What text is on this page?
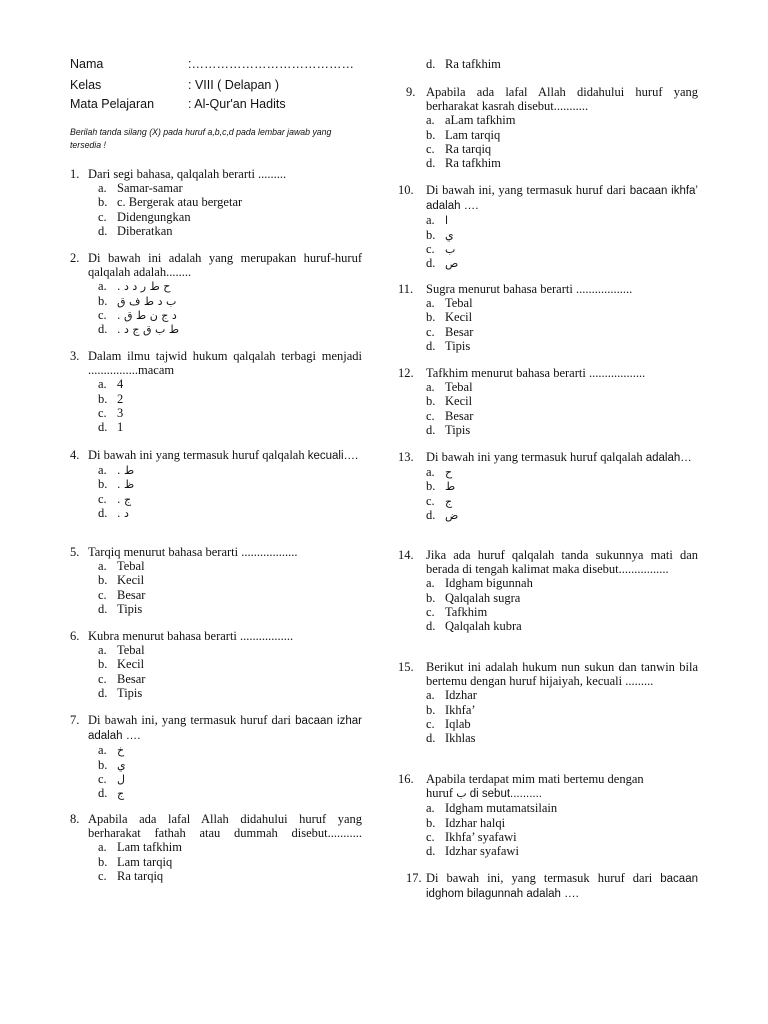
Nama	:…………………………………
Kelas	: VIII ( Delapan )
Mata Pelajaran	: Al-Qur'an Hadits
Berilah tanda silang (X) pada huruf a,b,c,d pada lembar jawab yang tersedia !
1. Dari segi bahasa, qalqalah berarti .........
a. Samar-samar
b. c. Bergerak atau bergetar
c. Didengungkan
d. Diberatkan
2. Di bawah ini adalah yang merupakan huruf-huruf qalqalah adalah........
a. ح ط ر د د .
b. ب د ط ف ق
c. د ج ن ط ق .
d. ط ب ق ج د .
3. Dalam ilmu tajwid hukum qalqalah terbagi menjadi ................macam
a. 4
b. 2
c. 3
d. 1
4. Di bawah ini yang termasuk huruf qalqalah kecuali….
a. ط .
b. ظ .
c. ج .
d. د .
5. Tarqiq menurut bahasa berarti ..................
a. Tebal
b. Kecil
c. Besar
d. Tipis
6. Kubra menurut bahasa berarti .................
a. Tebal
b. Kecil
c. Besar
d. Tipis
7. Di bawah ini, yang termasuk huruf dari bacaan izhar adalah ….
a. خ
b. ي
c. ل
d. ج
8. Apabila ada lafal Allah didahului huruf yang berharakat fathah atau dummah disebut...........
a. Lam tafkhim
b. Lam tarqiq
c. Ra tarqiq
d. Ra tafkhim
9. Apabila ada lafal Allah didahului huruf yang berharakat kasrah disebut...........
a. aLam tafkhim
b. Lam tarqiq
c. Ra tarqiq
d. Ra tafkhim
10. Di bawah ini, yang termasuk huruf dari bacaan ikhfa’ adalah ….
a. ا
b. ي
c. ب
d. ص
11. Sugra menurut bahasa berarti ..................
a. Tebal
b. Kecil
c. Besar
d. Tipis
12. Tafkhim menurut bahasa berarti ..................
a. Tebal
b. Kecil
c. Besar
d. Tipis
13. Di bawah ini yang termasuk huruf qalqalah adalah…
a. ح
b. ط
c. ج
d. ض
14. Jika ada huruf qalqalah tanda sukunnya mati dan berada di tengah kalimat maka disebut................
a. Idgham bigunnah
b. Qalqalah sugra
c. Tafkhim
d. Qalqalah kubra
15. Berikut ini adalah hukum nun sukun dan tanwin bila bertemu dengan huruf hijaiyah, kecuali .........
a. Idzhar
b. Ikhfa’
c. Iqlab
d. Ikhlas
16. Apabila terdapat mim mati bertemu dengan
huruf ب di sebut..........
a. Idgham mutamatsilain
b. Idzhar halqi
c. Ikhfa’ syafawi
d. Idzhar syafawi
17. Di bawah ini, yang termasuk huruf dari bacaan idghom bilagunnah adalah ….
